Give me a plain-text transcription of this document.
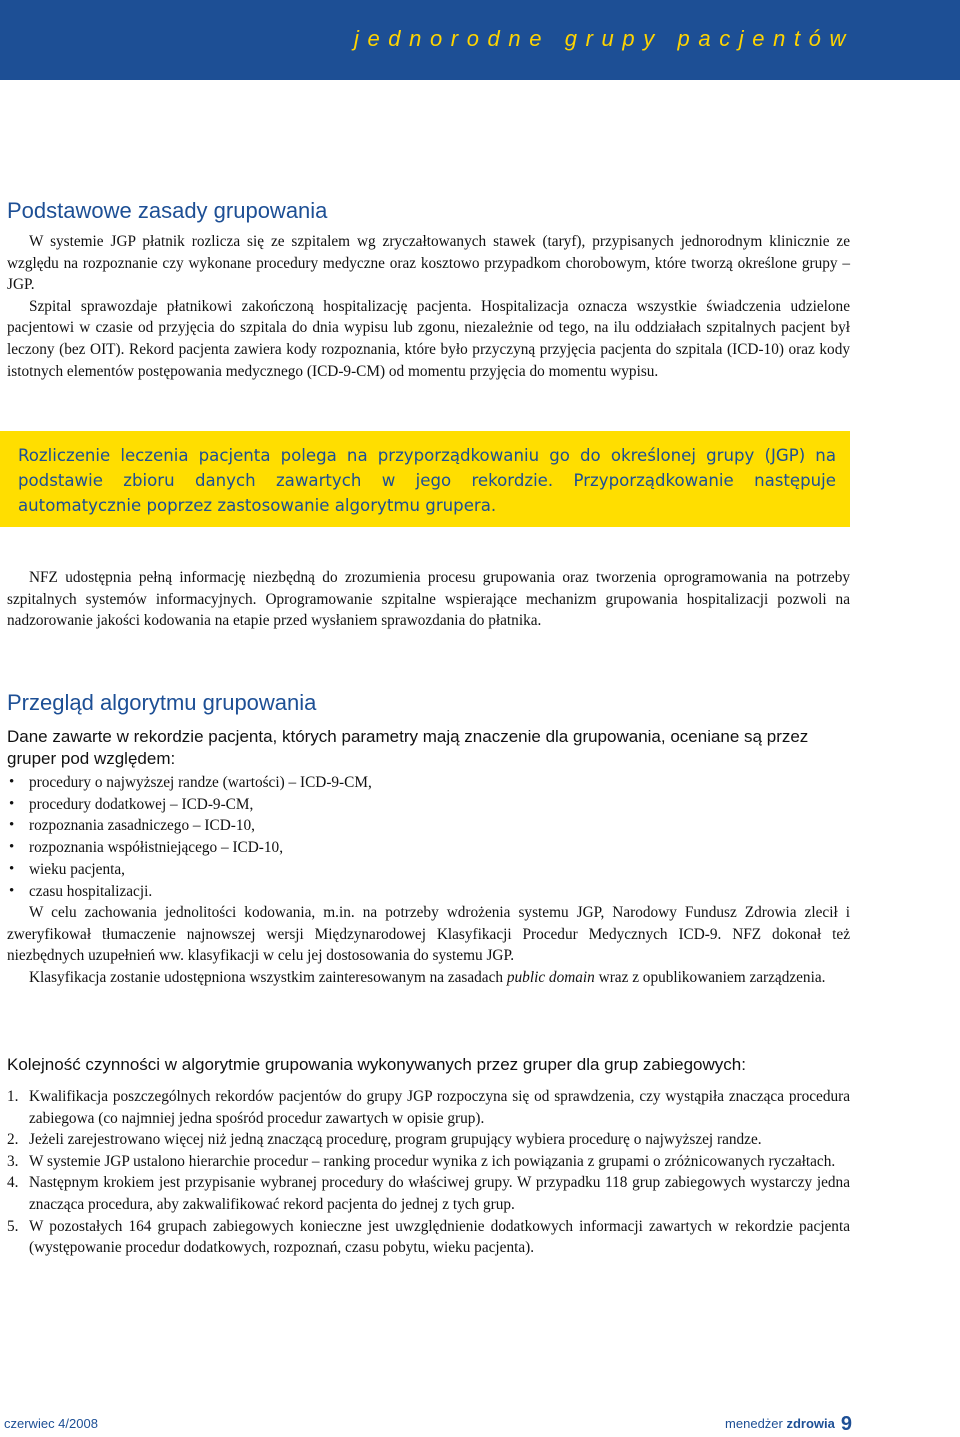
jednorodne grupy pacjentów
Podstawowe zasady grupowania

W systemie JGP płatnik rozlicza się ze szpitalem wg zryczałtowanych stawek (taryf), przypisanych jednorodnym klinicznie ze względu na rozpoznanie czy wykonane procedury medyczne oraz kosztowo przypadkom chorobowym, które tworzą określone grupy – JGP.

Szpital sprawozdaje płatnikowi zakończoną hospitalizację pacjenta. Hospitalizacja oznacza wszystkie świadczenia udzielone pacjentowi w czasie od przyjęcia do szpitala do dnia wypisu lub zgonu, niezależnie od tego, na ilu oddziałach szpitalnych pacjent był leczony (bez OIT). Rekord pacjenta zawiera kody rozpoznania, które było przyczyną przyjęcia pacjenta do szpitala (ICD-10) oraz kody istotnych elementów postępowania medycznego (ICD-9-CM) od momentu przyjęcia do momentu wypisu.

Rozliczenie leczenia pacjenta polega na przyporządkowaniu go do określonej grupy (JGP) na podstawie zbioru danych zawartych w jego rekordzie. Przyporządkowanie następuje automatycznie poprzez zastosowanie algorytmu grupera.

NFZ udostępnia pełną informację niezbędną do zrozumienia procesu grupowania oraz tworzenia oprogramowania na potrzeby szpitalnych systemów informacyjnych. Oprogramowanie szpitalne wspierające mechanizm grupowania hospitalizacji pozwoli na nadzorowanie jakości kodowania na etapie przed wysłaniem sprawozdania do płatnika.

Przegląd algorytmu grupowania
Dane zawarte w rekordzie pacjenta, których parametry mają znaczenie dla grupowania, oceniane są przez gruper pod względem:
• procedury o najwyższej randze (wartości) – ICD-9-CM,
• procedury dodatkowej – ICD-9-CM,
• rozpoznania zasadniczego – ICD-10,
• rozpoznania współistniejącego – ICD-10,
• wieku pacjenta,
• czasu hospitalizacji.

W celu zachowania jednolitości kodowania, m.in. na potrzeby wdrożenia systemu JGP, Narodowy Fundusz Zdrowia zlecił i zweryfikował tłumaczenie najnowszej wersji Międzynarodowej Klasyfikacji Procedur Medycznych ICD-9. NFZ dokonał też niezbędnych uzupełnień ww. klasyfikacji w celu jej dostosowania do systemu JGP.

Klasyfikacja zostanie udostępniona wszystkim zainteresowanym na zasadach public domain wraz z opublikowaniem zarządzenia.

Kolejność czynności w algorytmie grupowania wykonywanych przez gruper dla grup zabiegowych:
1. Kwalifikacja poszczególnych rekordów pacjentów do grupy JGP rozpoczyna się od sprawdzenia, czy wystąpiła znacząca procedura zabiegowa (co najmniej jedna spośród procedur zawartych w opisie grup).
2. Jeżeli zarejestrowano więcej niż jedną znaczącą procedurę, program grupujący wybiera procedurę o najwyższej randze.
3. W systemie JGP ustalono hierarchie procedur – ranking procedur wynika z ich powiązania z grupami o zróżnicowanych ryczałtach.
4. Następnym krokiem jest przypisanie wybranej procedury do właściwej grupy. W przypadku 118 grup zabiegowych wystarczy jedna znacząca procedura, aby zakwalifikować rekord pacjenta do jednej z tych grup.
5. W pozostałych 164 grupach zabiegowych konieczne jest uwzględnienie dodatkowych informacji zawartych w rekordzie pacjenta (występowanie procedur dodatkowych, rozpoznań, czasu pobytu, wieku pacjenta).
czerwiec 4/2008	menedżer zdrowia 9
